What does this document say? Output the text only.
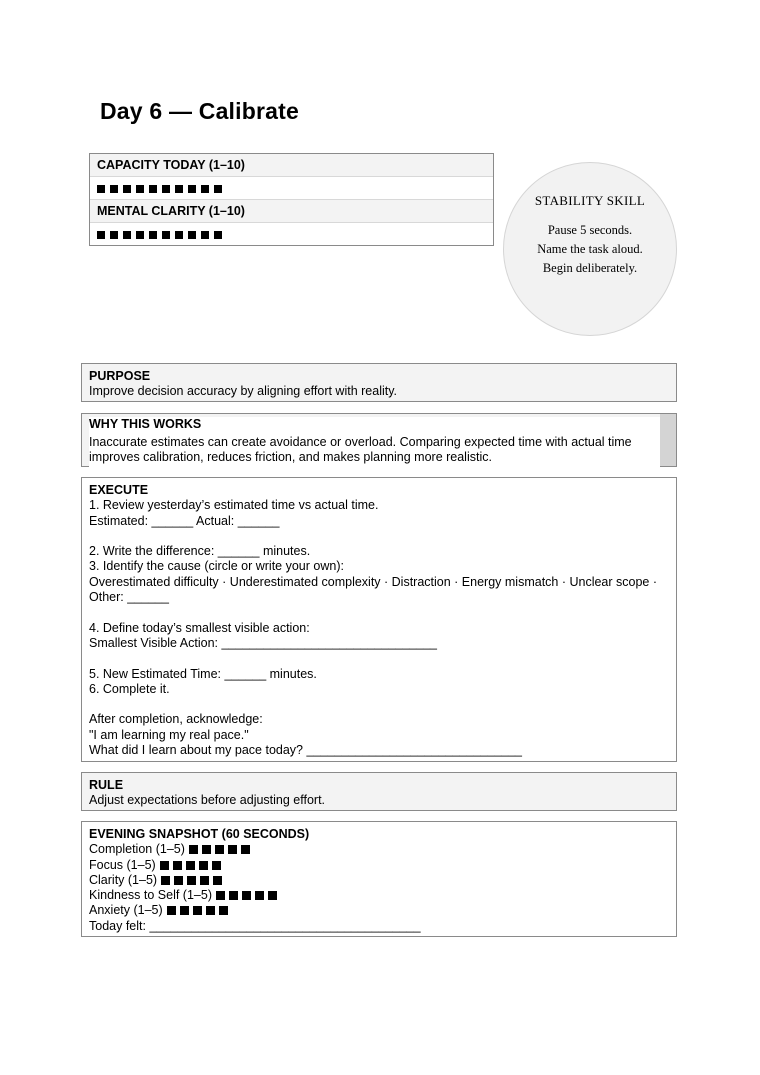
Day 6 — Calibrate
CAPACITY TODAY (1–10)
MENTAL CLARITY (1–10)
STABILITY SKILL
Pause 5 seconds.
Name the task aloud.
Begin deliberately.
PURPOSE
Improve decision accuracy by aligning effort with reality.
WHY THIS WORKS
Inaccurate estimates can create avoidance or overload. Comparing expected time with actual time improves calibration, reduces friction, and makes planning more realistic.
EXECUTE
1. Review yesterday’s estimated time vs actual time.
Estimated: ______ Actual: ______
2. Write the difference: ______ minutes.
3. Identify the cause (circle or write your own):
Overestimated difficulty · Underestimated complexity · Distraction · Energy mismatch · Unclear scope ·
Other: ______
4. Define today’s smallest visible action:
Smallest Visible Action: _______________________________
5. New Estimated Time: ______ minutes.
6. Complete it.
After completion, acknowledge:
"I am learning my real pace."
What did I learn about my pace today? _______________________________
RULE
Adjust expectations before adjusting effort.
EVENING SNAPSHOT (60 SECONDS)
Completion (1–5)
Focus (1–5)
Clarity (1–5)
Kindness to Self (1–5)
Anxiety (1–5)
Today felt: _______________________________________
